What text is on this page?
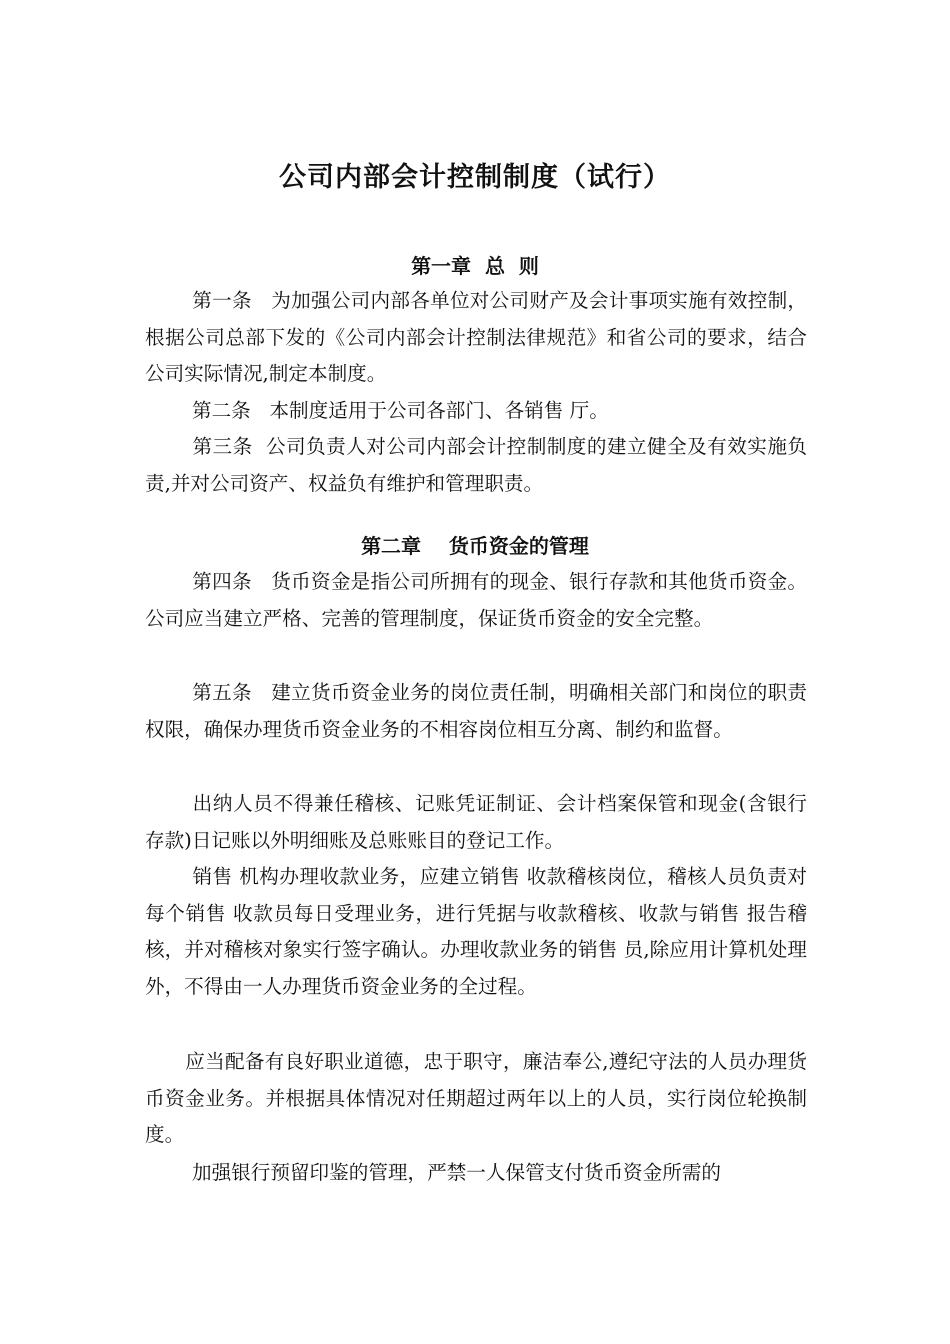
公司内部会计控制制度（试行）
第一章  总  则
第一条   为加强公司内部各单位对公司财产及会计事项实施有效控制，根据公司总部下发的《公司内部会计控制法律规范》和省公司的要求，结合公司实际情况,制定本制度。
第二条   本制度适用于公司各部门、各销售 厅。
第三条  公司负责人对公司内部会计控制制度的建立健全及有效实施负责,并对公司资产、权益负有维护和管理职责。
第二章    货币资金的管理
第四条   货币资金是指公司所拥有的现金、银行存款和其他货币资金。公司应当建立严格、完善的管理制度，保证货币资金的安全完整。
第五条   建立货币资金业务的岗位责任制，明确相关部门和岗位的职责权限，确保办理货币资金业务的不相容岗位相互分离、制约和监督。
出纳人员不得兼任稽核、记账凭证制证、会计档案保管和现金(含银行存款)日记账以外明细账及总账账目的登记工作。
销售 机构办理收款业务，应建立销售 收款稽核岗位，稽核人员负责对每个销售 收款员每日受理业务，进行凭据与收款稽核、收款与销售 报告稽核，并对稽核对象实行签字确认。办理收款业务的销售 员,除应用计算机处理外，不得由一人办理货币资金业务的全过程。
应当配备有良好职业道德，忠于职守，廉洁奉公,遵纪守法的人员办理货币资金业务。并根据具体情况对任期超过两年以上的人员，实行岗位轮换制度。
加强银行预留印鉴的管理，严禁一人保管支付货币资金所需的
